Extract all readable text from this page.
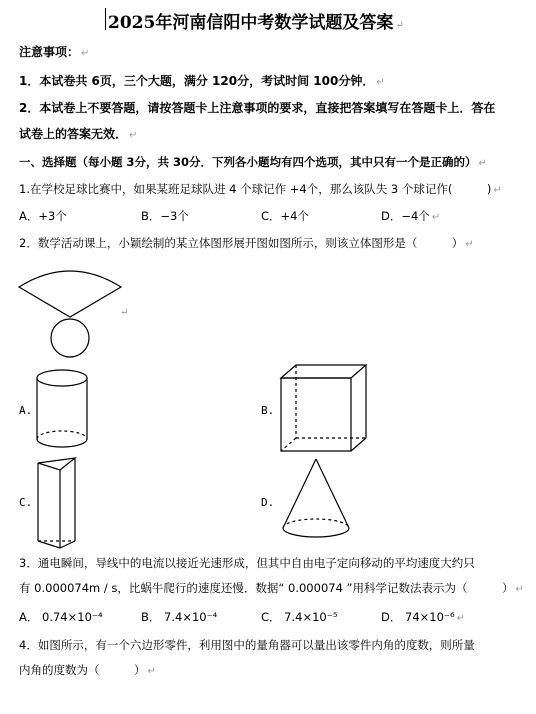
2025年河南信阳中考数学试题及答案 ↵
注意事项： ↵
1．本试卷共 6页，三个大题，满分 120分，考试时间 100分钟． ↵
2．本试卷上不要答题，请按答题卡上注意事项的要求，直接把答案填写在答题卡上．答在
试卷上的答案无效． ↵
一、选择题（每小题 3分，共 30分．下列各小题均有四个选项，其中只有一个是正确的） ↵
1.在学校足球比赛中，如果某班足球队进 4 个球记作 +4个，那么该队失 3 个球记作(　　　) ↵
A．+3个	B．−3个	C．+4个	D．−4个 ↵
2．数学活动课上，小颖绘制的某立体图形展开图如图所示，则该立体图形是（　　　） ↵
↵
A.	B.
C.	D.
3．通电瞬间，导线中的电流以接近光速形成，但其中自由电子定向移动的平均速度大约只
有 0.000074m / s，比蜗牛爬行的速度还慢．数据“ 0.000074 ”用科学记数法表示为（　　　） ↵
A． 0.74×10⁻⁴	B． 7.4×10⁻⁴	C． 7.4×10⁻⁵	D． 74×10⁻⁶ ↵
4．如图所示，有一个六边形零件，利用图中的量角器可以量出该零件内角的度数，则所量
内角的度数为（　　　） ↵
